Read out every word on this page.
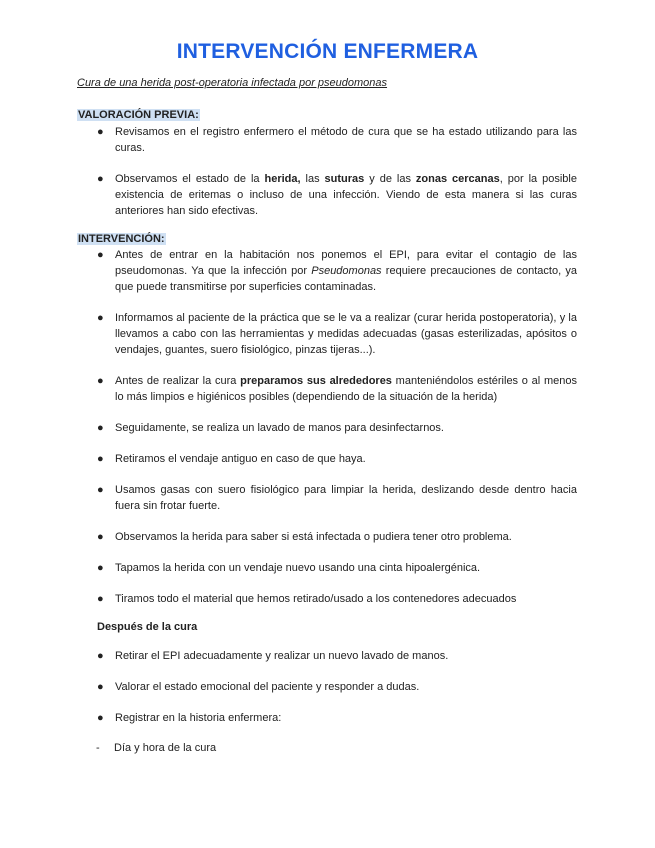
INTERVENCIÓN ENFERMERA
Cura de una herida post-operatoria infectada por pseudomonas
VALORACIÓN PREVIA:
● Revisamos en el registro enfermero el método de cura que se ha estado utilizando para las curas.
● Observamos el estado de la herida, las suturas y de las zonas cercanas, por la posible existencia de eritemas o incluso de una infección. Viendo de esta manera si las curas anteriores han sido efectivas.
INTERVENCIÓN:
● Antes de entrar en la habitación nos ponemos el EPI, para evitar el contagio de las pseudomonas. Ya que la infección por Pseudomonas requiere precauciones de contacto, ya que puede transmitirse por superficies contaminadas.
● Informamos al paciente de la práctica que se le va a realizar (curar herida postoperatoria), y la llevamos a cabo con las herramientas y medidas adecuadas (gasas esterilizadas, apósitos o vendajes, guantes, suero fisiológico, pinzas tijeras...).
● Antes de realizar la cura preparamos sus alrededores manteniéndolos estériles o al menos lo más limpios e higiénicos posibles (dependiendo de la situación de la herida)
● Seguidamente, se realiza un lavado de manos para desinfectarnos.
● Retiramos el vendaje antiguo en caso de que haya.
● Usamos gasas con suero fisiológico para limpiar la herida, deslizando desde dentro hacia fuera sin frotar fuerte.
● Observamos la herida para saber si está infectada o pudiera tener otro problema.
● Tapamos la herida con un vendaje nuevo usando una cinta hipoalergénica.
● Tiramos todo el material que hemos retirado/usado a los contenedores adecuados
Después de la cura
● Retirar el EPI adecuadamente y realizar un nuevo lavado de manos.
● Valorar el estado emocional del paciente y responder a dudas.
● Registrar en la historia enfermera:
- Día y hora de la cura
